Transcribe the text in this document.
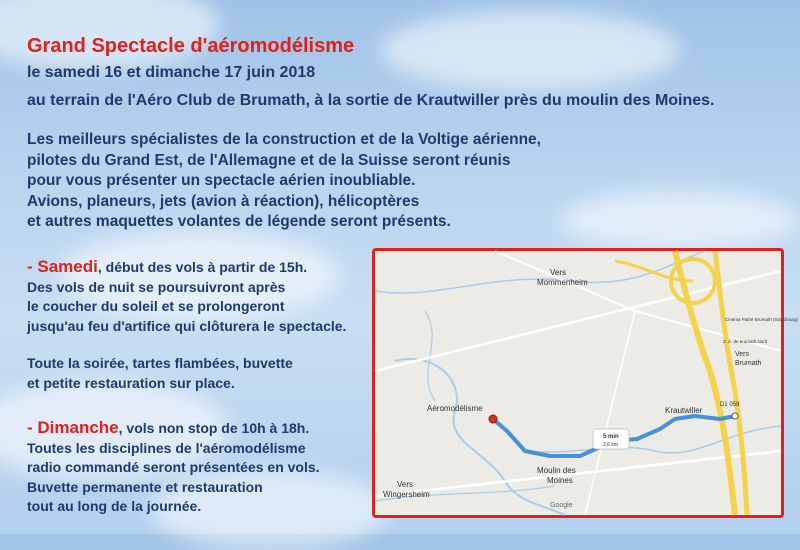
Grand Spectacle d'aéromodélisme
le samedi 16 et dimanche 17 juin 2018
au terrain de l'Aéro Club de Brumath, à la sortie de Krautwiller près du moulin des Moines.
Les meilleurs spécialistes de la construction et de la Voltige aérienne,
pilotes du Grand Est, de l'Allemagne et de la Suisse seront réunis
pour vous présenter un spectacle aérien inoubliable.
Avions, planeurs, jets (avion à réaction), hélicoptères
et autres maquettes volantes de légende seront présents.
- Samedi, début des vols à partir de 15h.
Des vols de nuit se poursuivront après
le coucher du soleil et se prolongeront
jusqu'au feu d'artifice qui clôturera le spectacle.
Toute la soirée, tartes flambées, buvette
et petite restauration sur place.
- Dimanche, vols non stop de 10h à 18h.
Toutes les disciplines de l'aéromodélisme
radio commandé seront présentées en vols.
Buvette permanente et restauration
tout au long de la journée.
5 min
2,6 km
Vers
Mommenheim
Vers
Brumath
Aéromodélisme	Krautwiller
D1 059
Moulin des
Moines
Vers
Wingersheim
Cinéma Pathé Brumath (Strasbourg)
Z. A. de brumath Nord
Google
